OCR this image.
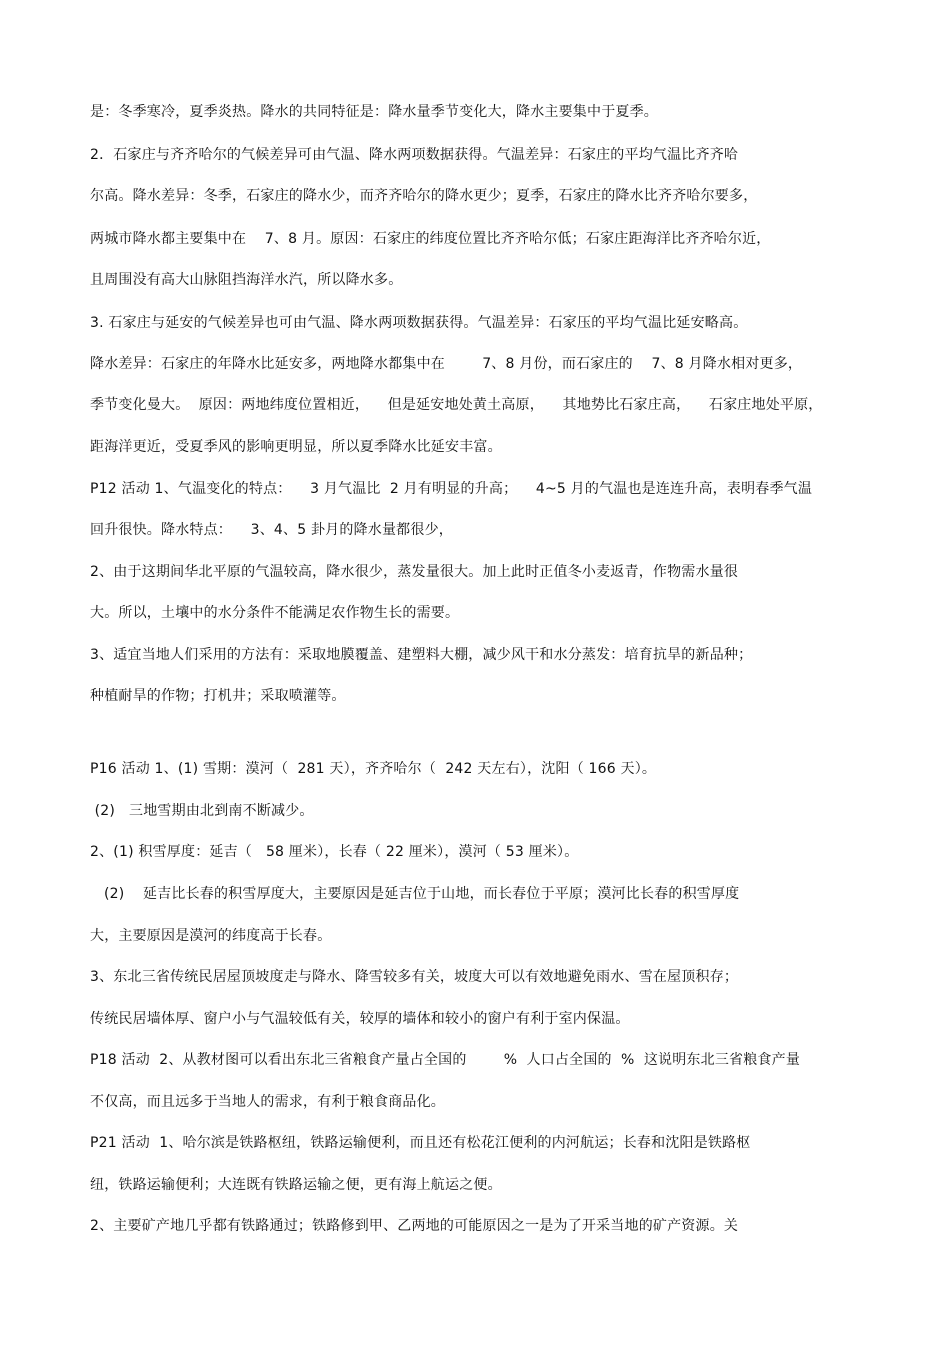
是：冬季寒冷，夏季炎热。降水的共同特征是：降水量季节变化大，降水主要集中于夏季。
2．石家庄与齐齐哈尔的气候差异可由气温、降水两项数据获得。气温差异：石家庄的平均气温比齐齐哈
尔高。降水差异：冬季，石家庄的降水少，而齐齐哈尔的降水更少；夏季，石家庄的降水比齐齐哈尔要多，
两城市降水都主要集中在    7、8 月。原因：石家庄的纬度位置比齐齐哈尔低；石家庄距海洋比齐齐哈尔近，
且周围没有高大山脉阻挡海洋水汽，所以降水多。
3. 石家庄与延安的气候差异也可由气温、降水两项数据获得。气温差异：石家压的平均气温比延安略高。
降水差异：石家庄的年降水比延安多，两地降水都集中在        7、8 月份，而石家庄的    7、8 月降水相对更多，
季节变化曼大。  原因：两地纬度位置相近，    但是延安地处黄土高原，    其地势比石家庄高，    石家庄地处平原，
距海洋更近，受夏季风的影响更明显，所以夏季降水比延安丰富。
P12 活动 1、气温变化的特点：    3 月气温比  2 月有明显的升高；    4~5 月的气温也是连连升高，表明春季气温
回升很快。降水特点：    3、4、5 卦月的降水量都很少，
2、由于这期间华北平原的气温较高，降水很少，蒸发量很大。加上此时正值冬小麦返青，作物需水量很
大。所以，土壤中的水分条件不能满足农作物生长的需要。
3、适宜当地人们采用的方法有：采取地膜覆盖、建塑料大棚，减少风干和水分蒸发：培育抗旱的新品种；
种植耐旱的作物；打机井；采取喷灌等。
P16 活动 1、(1) 雪期：漠河（  281 天），齐齐哈尔（  242 天左右），沈阳（ 166 天）。
(2)   三地雪期由北到南不断减少。
2、(1) 积雪厚度：延吉（   58 厘米），长春（ 22 厘米），漠河（ 53 厘米）。
(2)    延吉比长春的积雪厚度大，主要原因是延吉位于山地，而长春位于平原；漠河比长春的积雪厚度
大，主要原因是漠河的纬度高于长春。
3、东北三省传统民居屋顶坡度走与降水、降雪较多有关，坡度大可以有效地避免雨水、雪在屋顶积存；
传统民居墙体厚、窗户小与气温较低有关，较厚的墙体和较小的窗户有利于室内保温。
P18 活动  2、从教材图可以看出东北三省粮食产量占全国的        %  人口占全国的  %  这说明东北三省粮食产量
不仅高，而且远多于当地人的需求，有利于粮食商品化。
P21 活动  1、哈尔滨是铁路枢纽，铁路运输便利，而且还有松花江便利的内河航运；长春和沈阳是铁路枢
纽，铁路运输便利；大连既有铁路运输之便，更有海上航运之便。
2、主要矿产地几乎都有铁路通过；铁路修到甲、乙两地的可能原因之一是为了开采当地的矿产资源。关
